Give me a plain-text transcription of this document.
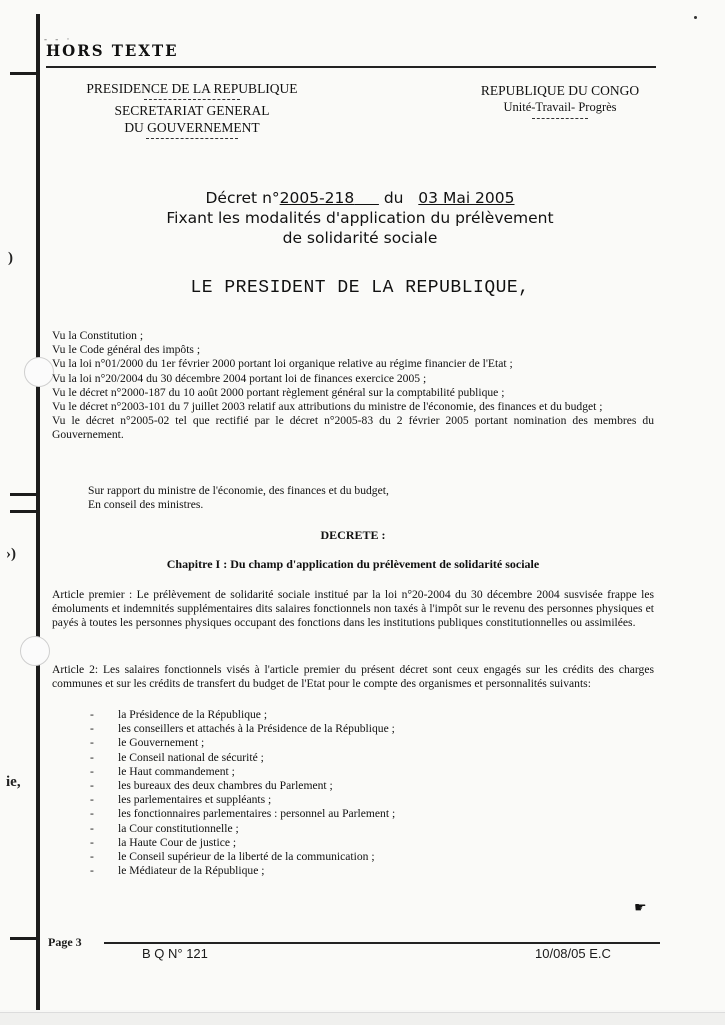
)
›)
ie,
- - ·
HORS TEXTE
PRESIDENCE DE LA REPUBLIQUE
SECRETARIAT GENERAL
DU GOUVERNEMENT
REPUBLIQUE DU CONGO
Unité-Travail- Progrès
Décret n°2005-218 du 03 Mai 2005
Fixant les modalités d'application du prélèvement
de solidarité sociale
LE PRESIDENT DE LA REPUBLIQUE,

Vu la Constitution ;

Vu le Code général des impôts ;

Vu la loi n°01/2000 du 1er février 2000 portant loi organique relative au régime financier de l'Etat ;

Vu la loi n°20/2004 du 30 décembre 2004 portant loi de finances exercice 2005 ;

Vu le décret n°2000-187 du 10 août 2000 portant règlement général sur la comptabilité publique ;

Vu le décret n°2003-101 du 7 juillet 2003 relatif aux attributions du ministre de l'économie, des finances et du budget ;

Vu le décret n°2005-02 tel que rectifié par le décret n°2005-83 du 2 février 2005 portant nomination des membres du Gouvernement.

Sur rapport du ministre de l'économie, des finances et du budget,

En conseil des ministres.

DECRETE :
Chapitre I : Du champ d'application du prélèvement de solidarité sociale

Article premier : Le prélèvement de solidarité sociale institué par la loi n°20-2004 du 30 décembre 2004 susvisée frappe les émoluments et indemnités supplémentaires dits salaires fonctionnels non taxés à l'impôt sur le revenu des personnes physiques et payés à toutes les personnes physiques occupant des fonctions dans les institutions publiques constitutionnelles ou assimilées.

Article 2: Les salaires fonctionnels visés à l'article premier du présent décret sont ceux engagés sur les crédits des charges communes et sur les crédits de transfert du budget de l'Etat pour le compte des organismes et personnalités suivants:

-	la Présidence de la République ;
-	les conseillers et attachés à la Présidence de la République ;
-	le Gouvernement ;
-	le Conseil national de sécurité ;
-	le Haut commandement ;
-	les bureaux des deux chambres du Parlement ;
-	les parlementaires et suppléants ;
-	les fonctionnaires parlementaires : personnel au Parlement ;
-	la Cour constitutionnelle ;
-	la Haute Cour de justice ;
-	le Conseil supérieur de la liberté de la communication ;
-	le Médiateur de la République ;
☛
Page 3
B Q N° 121	10/08/05 E.C
